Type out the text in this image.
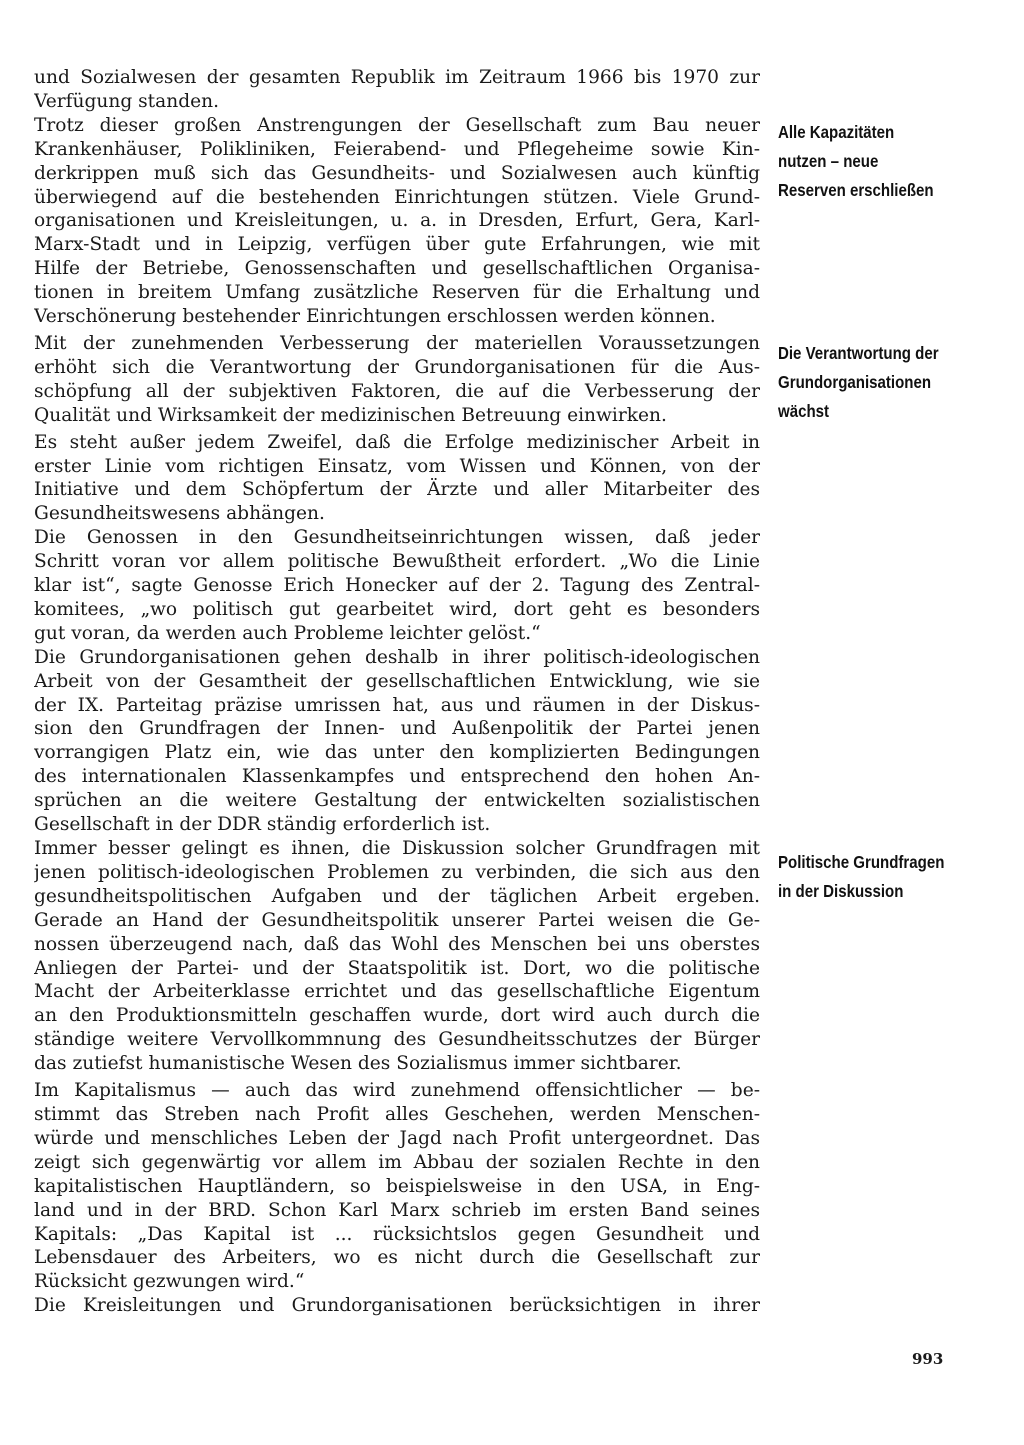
und Sozialwesen der gesamten Republik im Zeitraum 1966 bis 1970 zur
Verfügung standen.

Trotz dieser großen Anstrengungen der Gesellschaft zum Bau neuer
Krankenhäuser, Polikliniken, Feierabend- und Pflegeheime sowie Kin-
derkrippen muß sich das Gesundheits- und Sozialwesen auch künftig
überwiegend auf die bestehenden Einrichtungen stützen. Viele Grund-
organisationen und Kreisleitungen, u. a. in Dresden, Erfurt, Gera, Karl-
Marx-Stadt und in Leipzig, verfügen über gute Erfahrungen, wie mit
Hilfe der Betriebe, Genossenschaften und gesellschaftlichen Organisa-
tionen in breitem Umfang zusätzliche Reserven für die Erhaltung und
Verschönerung bestehender Einrichtungen erschlossen werden können.

Mit der zunehmenden Verbesserung der materiellen Voraussetzungen
erhöht sich die Verantwortung der Grundorganisationen für die Aus-
schöpfung all der subjektiven Faktoren, die auf die Verbesserung der
Qualität und Wirksamkeit der medizinischen Betreuung einwirken.

Es steht außer jedem Zweifel, daß die Erfolge medizinischer Arbeit in
erster Linie vom richtigen Einsatz, vom Wissen und Können, von der
Initiative und dem Schöpfertum der Ärzte und aller Mitarbeiter des
Gesundheitswesens abhängen.

Die Genossen in den Gesundheitseinrichtungen wissen, daß jeder
Schritt voran vor allem politische Bewußtheit erfordert. „Wo die Linie
klar ist“, sagte Genosse Erich Honecker auf der 2. Tagung des Zentral-
komitees, „wo politisch gut gearbeitet wird, dort geht es besonders
gut voran, da werden auch Probleme leichter gelöst.“

Die Grundorganisationen gehen deshalb in ihrer politisch-ideologischen
Arbeit von der Gesamtheit der gesellschaftlichen Entwicklung, wie sie
der IX. Parteitag präzise umrissen hat, aus und räumen in der Diskus-
sion den Grundfragen der Innen- und Außenpolitik der Partei jenen
vorrangigen Platz ein, wie das unter den komplizierten Bedingungen
des internationalen Klassenkampfes und entsprechend den hohen An-
sprüchen an die weitere Gestaltung der entwickelten sozialistischen
Gesellschaft in der DDR ständig erforderlich ist.

Immer besser gelingt es ihnen, die Diskussion solcher Grundfragen mit
jenen politisch-ideologischen Problemen zu verbinden, die sich aus den
gesundheitspolitischen Aufgaben und der täglichen Arbeit ergeben.
Gerade an Hand der Gesundheitspolitik unserer Partei weisen die Ge-
nossen überzeugend nach, daß das Wohl des Menschen bei uns oberstes
Anliegen der Partei- und der Staatspolitik ist. Dort, wo die politische
Macht der Arbeiterklasse errichtet und das gesellschaftliche Eigentum
an den Produktionsmitteln geschaffen wurde, dort wird auch durch die
ständige weitere Vervollkommnung des Gesundheitsschutzes der Bürger
das zutiefst humanistische Wesen des Sozialismus immer sichtbarer.

Im Kapitalismus — auch das wird zunehmend offensichtlicher — be-
stimmt das Streben nach Profit alles Geschehen, werden Menschen-
würde und menschliches Leben der Jagd nach Profit untergeordnet. Das
zeigt sich gegenwärtig vor allem im Abbau der sozialen Rechte in den
kapitalistischen Hauptländern, so beispielsweise in den USA, in Eng-
land und in der BRD. Schon Karl Marx schrieb im ersten Band seines
Kapitals: „Das Kapital ist ... rücksichtslos gegen Gesundheit und
Lebensdauer des Arbeiters, wo es nicht durch die Gesellschaft zur
Rücksicht gezwungen wird.“

Die Kreisleitungen und Grundorganisationen berücksichtigen in ihrer

Alle Kapazitäten
nutzen – neue
Reserven erschließen
Die Verantwortung der
Grundorganisationen
wächst
Politische Grundfragen
in der Diskussion
993
